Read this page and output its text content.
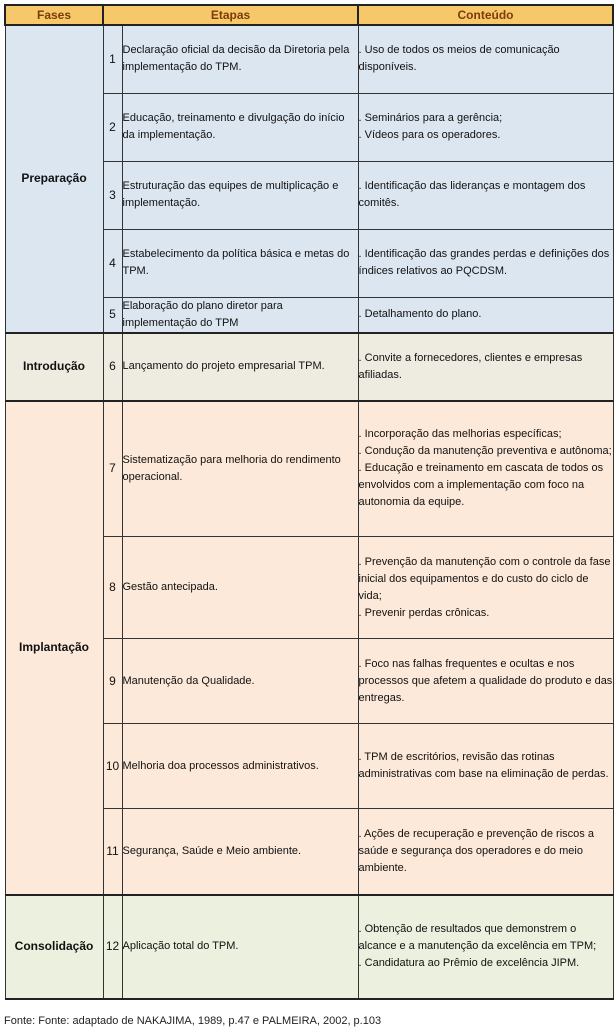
Fases	Etapas		Conteúdo
Preparação	1	Declaração oficial da decisão da Diretoria pela implementação do TPM.	. Uso de todos os meios de comunicação disponíveis.
	2	Educação, treinamento e divulgação do início da implementação.	. Seminários para a gerência;
. Vídeos para os operadores.
	3	Estruturação das equipes de multiplicação e implementação.	. Identificação das lideranças e montagem dos comitês.
	4	Estabelecimento da política básica e metas do TPM.	. Identificação das grandes perdas e definições dos índices relativos ao PQCDSM.
	5	Elaboração do plano diretor para implementação do TPM	. Detalhamento do plano.
Introdução	6	Lançamento do projeto empresarial TPM.	. Convite a fornecedores, clientes e empresas afiliadas.
Implantação	7	Sistematização para melhoria do rendimento operacional.	. Incorporação das melhorias específicas;
. Condução da manutenção preventiva e autônoma;
. Educação e treinamento em cascata de todos os envolvidos com a implementação com foco na autonomia da equipe.
	8	Gestão antecipada.	. Prevenção da manutenção com o controle da fase inicial dos equipamentos e do custo do ciclo de vida;
. Prevenir perdas crônicas.
	9	Manutenção da Qualidade.	. Foco nas falhas frequentes e ocultas e nos processos que afetem a qualidade do produto e das entregas.
	10	Melhoria doa processos administrativos.	. TPM de escritórios, revisão das rotinas administrativas com base na eliminação de perdas.
	11	Segurança, Saúde e Meio ambiente.	. Ações de recuperação e prevenção de riscos a saúde e segurança dos operadores e do meio ambiente.
Consolidação	12	Aplicação total do TPM.	. Obtenção de resultados que demonstrem o alcance e a manutenção da excelência em TPM;
. Candidatura ao Prêmio de excelência JIPM.
Fonte: Fonte: adaptado de NAKAJIMA, 1989, p.47 e PALMEIRA, 2002, p.103
